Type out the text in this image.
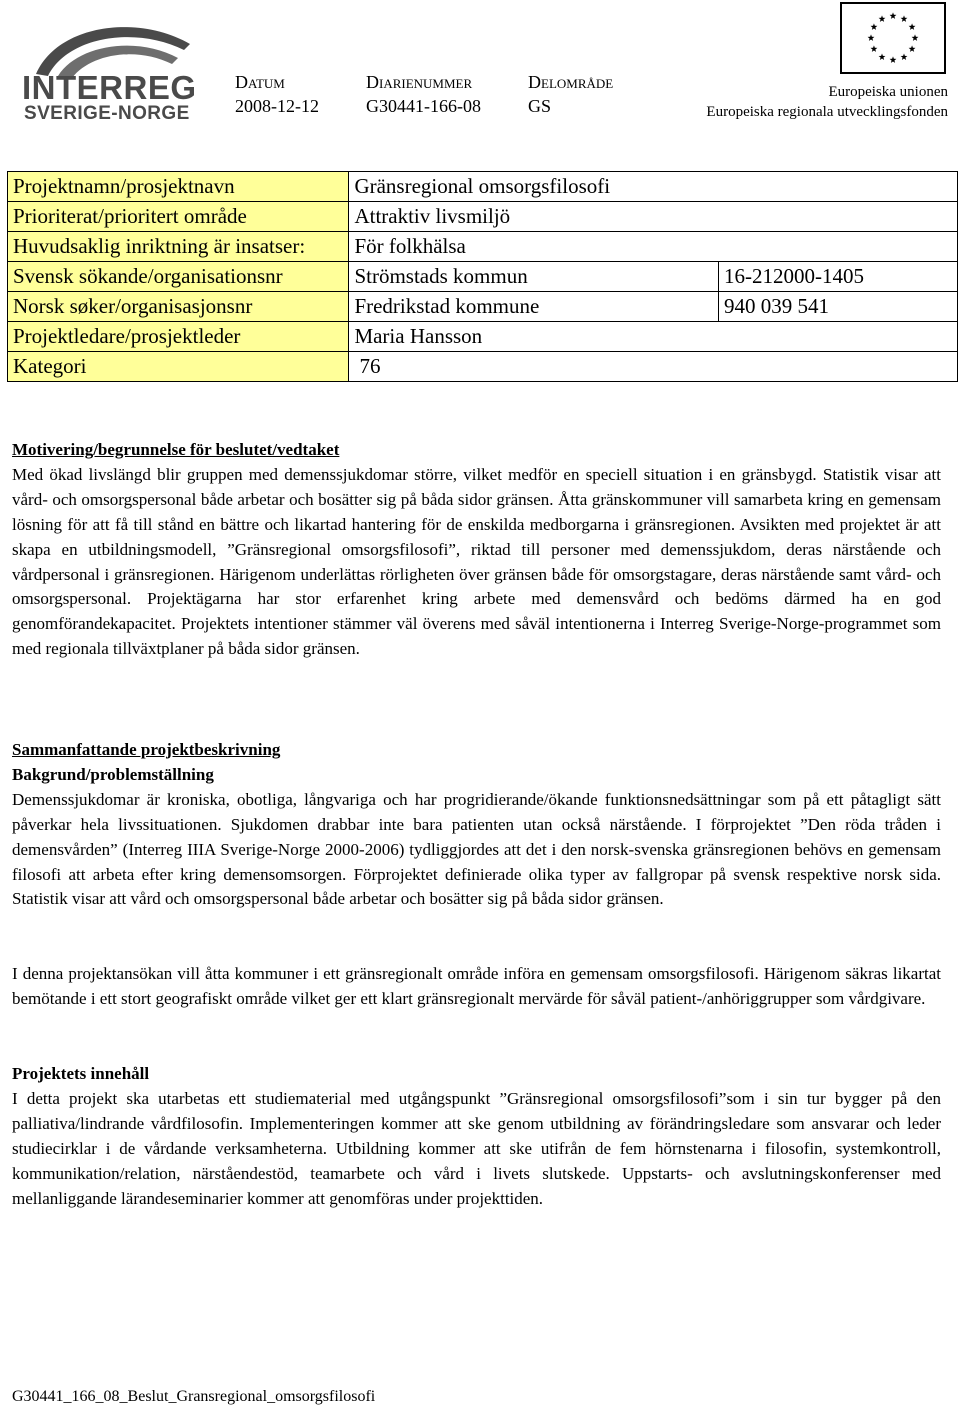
INTERREG
SVERIGE-NORGE
Datum
2008-12-12
Diarienummer
G30441-166-08
Delområde
GS
Europeiska unionen
Europeiska regionala utvecklingsfonden
Projektnamn/prosjektnavn	Gränsregional omsorgsfilosofi	
Prioriterat/prioritert område	Attraktiv livsmiljö	
Huvudsaklig inriktning är insatser:	För folkhälsa	
Svensk sökande/organisationsnr	Strömstads kommun	16-212000-1405
Norsk søker/organisasjonsnr	Fredrikstad kommune	940 039 541
Projektledare/prosjektleder	Maria Hansson	
Kategori	76	
Motivering/begrunnelse för beslutet/vedtaket
Med ökad livslängd blir gruppen med demenssjukdomar större, vilket medför en speciell situation i en gränsbygd. Statistik visar att vård- och omsorgspersonal både arbetar och bosätter sig på båda sidor gränsen. Åtta gränskommuner vill samarbeta kring en gemensam lösning för att få till stånd en bättre och likartad hantering för de enskilda medborgarna i gränsregionen. Avsikten med projektet är att skapa en utbildningsmodell, ”Gränsregional omsorgsfilosofi”, riktad till personer med demenssjukdom, deras närstående och vårdpersonal i gränsregionen. Härigenom underlättas rörligheten över gränsen både för omsorgstagare, deras närstående samt vård- och omsorgspersonal. Projektägarna har stor erfarenhet kring arbete med demensvård och bedöms därmed ha en god genomförandekapacitet. Projektets intentioner stämmer väl överens med såväl intentionerna i Interreg Sverige-Norge-programmet som med regionala tillväxtplaner på båda sidor gränsen.
Sammanfattande projektbeskrivning
Bakgrund/problemställning
Demenssjukdomar är kroniska, obotliga, långvariga och har progridierande/ökande funktionsnedsättningar som på ett påtagligt sätt påverkar hela livssituationen. Sjukdomen drabbar inte bara patienten utan också närstående. I förprojektet ”Den röda tråden i demensvården” (Interreg IIIA Sverige-Norge 2000-2006) tydliggjordes att det i den norsk-svenska gränsregionen behövs en gemensam filosofi att arbeta efter kring demensomsorgen. Förprojektet definierade olika typer av fallgropar på svensk respektive norsk sida. Statistik visar att vård och omsorgspersonal både arbetar och bosätter sig på båda sidor gränsen.
I denna projektansökan vill åtta kommuner i ett gränsregionalt område införa en gemensam omsorgsfilosofi. Härigenom säkras likartat bemötande i ett stort geografiskt område vilket ger ett klart gränsregionalt mervärde för såväl patient-/anhöriggrupper som vårdgivare.
Projektets innehåll
I detta projekt ska utarbetas ett studiematerial med utgångspunkt ”Gränsregional omsorgsfilosofi”som i sin tur bygger på den palliativa/lindrande vårdfilosofin. Implementeringen kommer att ske genom utbildning av förändringsledare som ansvarar och leder studiecirklar i de vårdande verksamheterna. Utbildning kommer att ske utifrån de fem hörnstenarna i filosofin, systemkontroll, kommunikation/relation, närståendestöd, teamarbete och vård i livets slutskede. Uppstarts- och avslutningskonferenser med mellanliggande lärandeseminarier kommer att genomföras under projekttiden.
G30441_166_08_Beslut_Gransregional_omsorgsfilosofi
